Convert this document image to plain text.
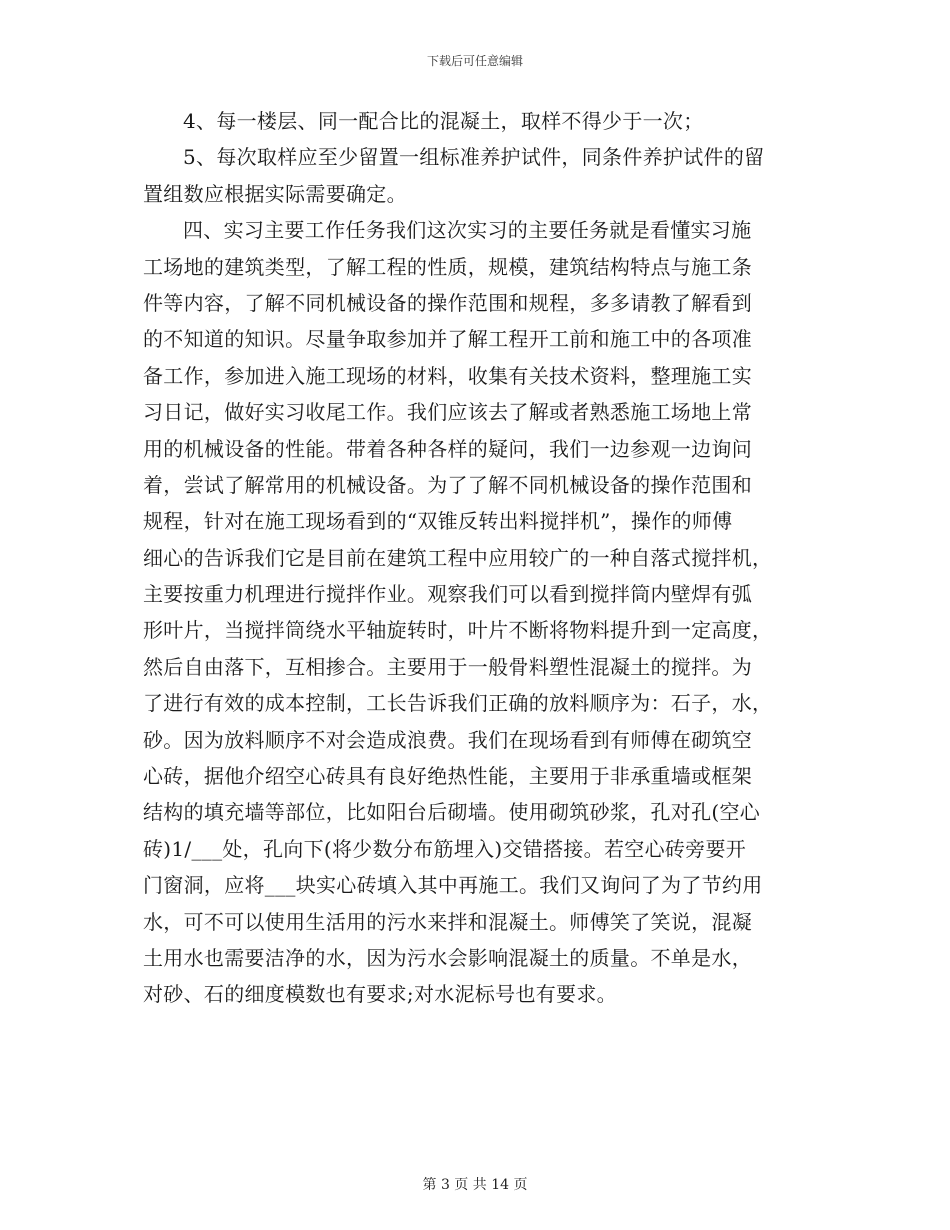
下载后可任意编辑
4、每一楼层、同一配合比的混凝土，取样不得少于一次；
5、每次取样应至少留置一组标准养护试件，同条件养护试件的留
置组数应根据实际需要确定。
四、实习主要工作任务我们这次实习的主要任务就是看懂实习施
工场地的建筑类型，了解工程的性质，规模，建筑结构特点与施工条
件等内容，了解不同机械设备的操作范围和规程，多多请教了解看到
的不知道的知识。尽量争取参加并了解工程开工前和施工中的各项准
备工作，参加进入施工现场的材料，收集有关技术资料，整理施工实
习日记，做好实习收尾工作。我们应该去了解或者熟悉施工场地上常
用的机械设备的性能。带着各种各样的疑问，我们一边参观一边询问
着，尝试了解常用的机械设备。为了了解不同机械设备的操作范围和
规程，针对在施工现场看到的“双锥反转出料搅拌机”，操作的师傅
细心的告诉我们它是目前在建筑工程中应用较广的一种自落式搅拌机，
主要按重力机理进行搅拌作业。观察我们可以看到搅拌筒内壁焊有弧
形叶片，当搅拌筒绕水平轴旋转时，叶片不断将物料提升到一定高度，
然后自由落下，互相掺合。主要用于一般骨料塑性混凝土的搅拌。为
了进行有效的成本控制，工长告诉我们正确的放料顺序为：石子，水，
砂。因为放料顺序不对会造成浪费。我们在现场看到有师傅在砌筑空
心砖，据他介绍空心砖具有良好绝热性能，主要用于非承重墙或框架
结构的填充墙等部位，比如阳台后砌墙。使用砌筑砂浆，孔对孔(空心
砖)1/___处，孔向下(将少数分布筋埋入)交错搭接。若空心砖旁要开
门窗洞，应将___块实心砖填入其中再施工。我们又询问了为了节约用
水，可不可以使用生活用的污水来拌和混凝土。师傅笑了笑说，混凝
土用水也需要洁净的水，因为污水会影响混凝土的质量。不单是水，
对砂、石的细度模数也有要求;对水泥标号也有要求。
第 3 页 共 14 页
